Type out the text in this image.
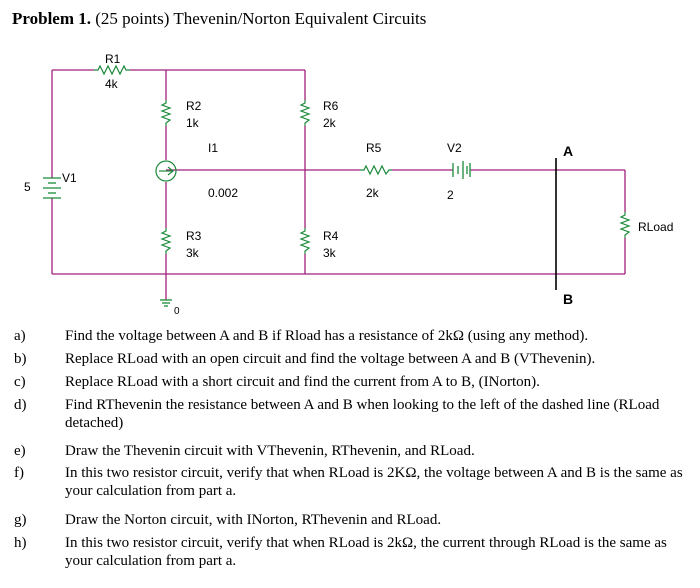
Problem 1. (25 points) Thevenin/Norton Equivalent Circuits
R1
4k
R2
1k
R6
2k
I1
0.002
R3
3k
R4
3k
R5
2k
V2
2
V1
5
0
A
B
RLoad
a)	Find the voltage between A and B if Rload has a resistance of 2kΩ (using any method).
b)	Replace RLoad with an open circuit and find the voltage between A and B (VThevenin).
c)	Replace RLoad with a short circuit and find the current from A to B, (INorton).
d)	Find RThevenin the resistance between A and B when looking to the left of the dashed line (RLoad detached)
e)	Draw the Thevenin circuit with VThevenin, RThevenin, and RLoad.
f)	In this two resistor circuit, verify that when RLoad is 2KΩ, the voltage between A and B is the same as your calculation from part a.
g)	Draw the Norton circuit, with INorton, RThevenin and RLoad.
h)	In this two resistor circuit, verify that when RLoad is 2kΩ, the current through RLoad is the same as your calculation from part a.
